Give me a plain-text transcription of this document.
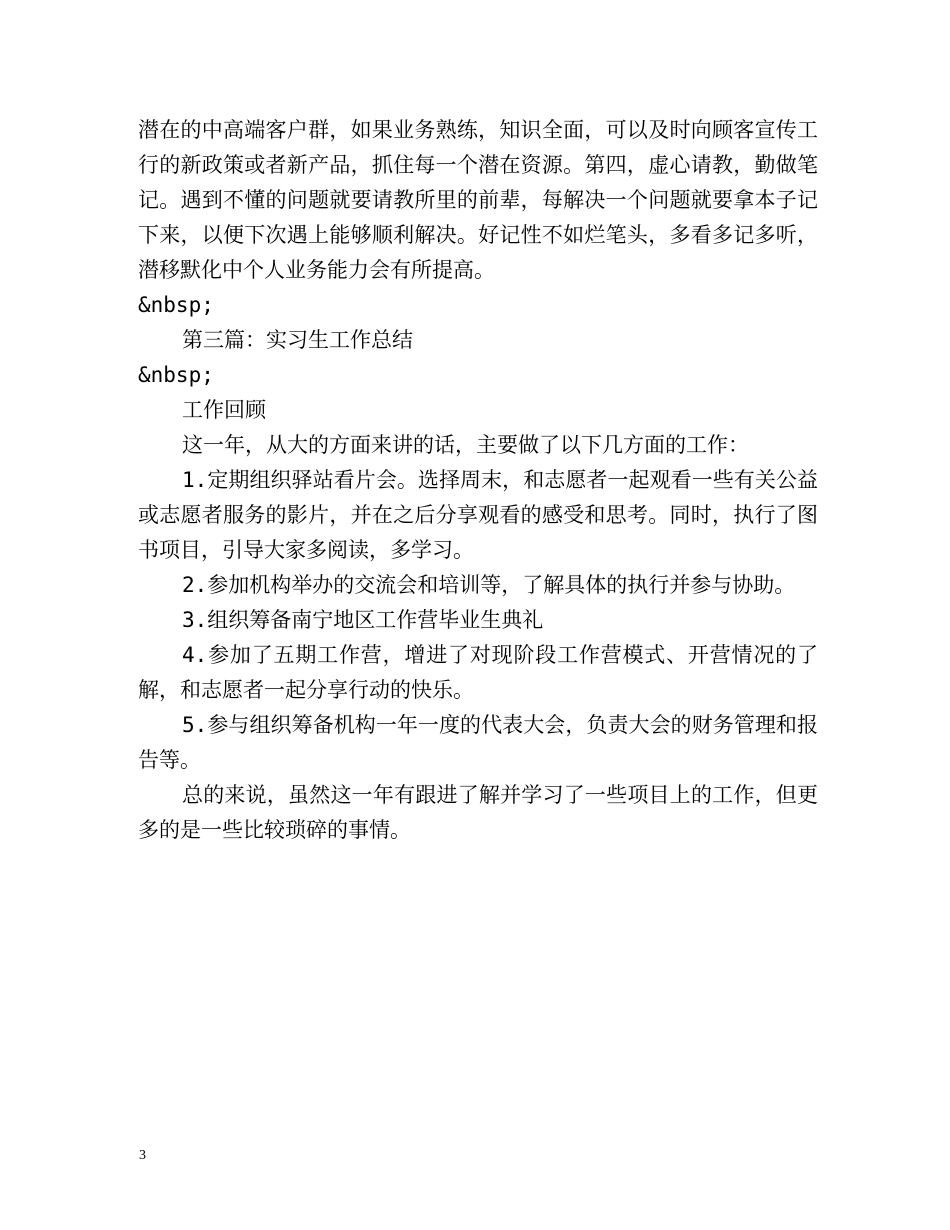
潜在的中高端客户群，如果业务熟练，知识全面，可以及时向顾客宣传工行的新政策或者新产品，抓住每一个潜在资源。第四，虚心请教，勤做笔记。遇到不懂的问题就要请教所里的前辈，每解决一个问题就要拿本子记下来，以便下次遇上能够顺利解决。好记性不如烂笔头，多看多记多听，潜移默化中个人业务能力会有所提高。

&nbsp;

第三篇：实习生工作总结

&nbsp;

工作回顾

这一年，从大的方面来讲的话，主要做了以下几方面的工作：

1.定期组织驿站看片会。选择周末，和志愿者一起观看一些有关公益或志愿者服务的影片，并在之后分享观看的感受和思考。同时，执行了图书项目，引导大家多阅读，多学习。

2.参加机构举办的交流会和培训等，了解具体的执行并参与协助。

3.组织筹备南宁地区工作营毕业生典礼

4.参加了五期工作营，增进了对现阶段工作营模式、开营情况的了解，和志愿者一起分享行动的快乐。

5.参与组织筹备机构一年一度的代表大会，负责大会的财务管理和报告等。

总的来说，虽然这一年有跟进了解并学习了一些项目上的工作，但更多的是一些比较琐碎的事情。

3
